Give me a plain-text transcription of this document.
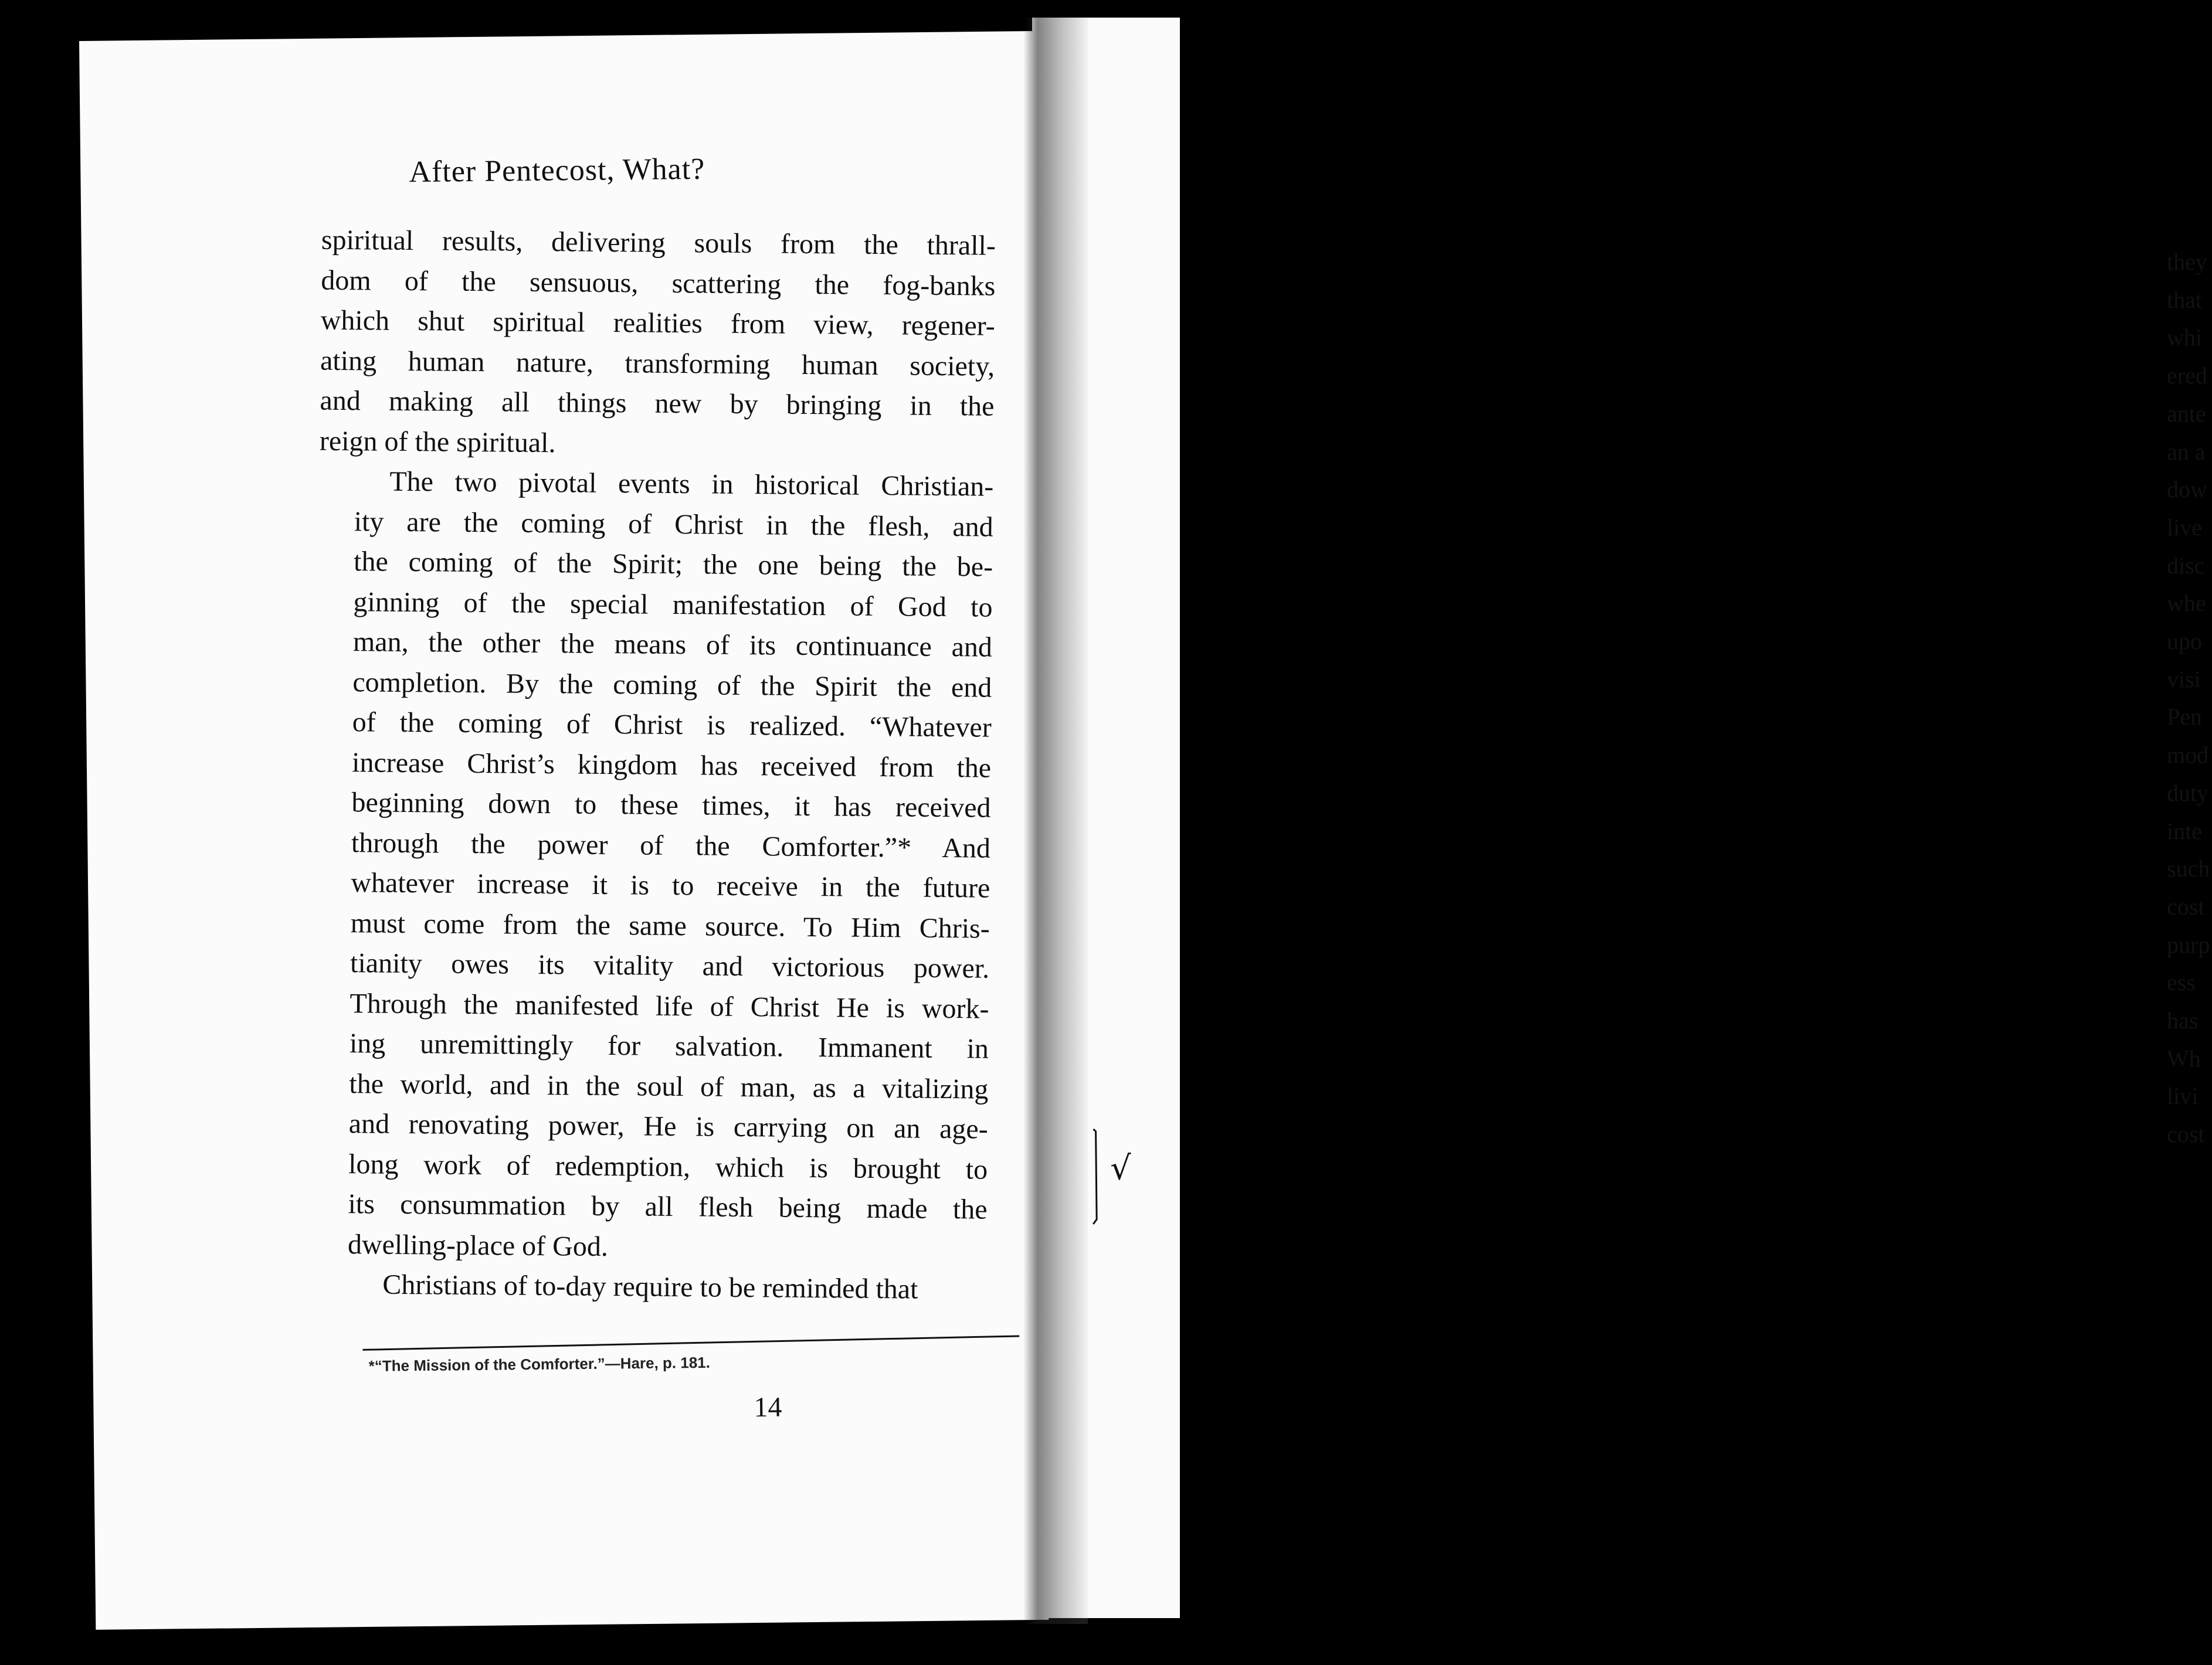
they
that
whi
ered
ante
an a
dow
live
disc
whe
upo
visi
Pen
mod
duty
inte
such
cost
purp
ess
has
Wh
livi
cost
After Pentecost, What?
spiritual results, delivering souls from the thrall-
dom of the sensuous, scattering the fog-banks
which shut spiritual realities from view, regener-
ating human nature, transforming human society,
and making all things new by bringing in the
reign of the spiritual.
The two pivotal events in historical Christian-
ity are the coming of Christ in the flesh, and
the coming of the Spirit; the one being the be-
ginning of the special manifestation of God to
man, the other the means of its continuance and
completion. By the coming of the Spirit the end
of the coming of Christ is realized. “Whatever
increase Christ’s kingdom has received from the
beginning down to these times, it has received
through the power of the Comforter.”* And
whatever increase it is to receive in the future
must come from the same source. To Him Chris-
tianity owes its vitality and victorious power.
Through the manifested life of Christ He is work-
ing unremittingly for salvation. Immanent in
the world, and in the soul of man, as a vitalizing
and renovating power, He is carrying on an age-
long work of redemption, which is brought to
its consummation by all flesh being made the
dwelling-place of God.
Christians of to-day require to be reminded that
*“The Mission of the Comforter.”—Hare, p. 181.
14
√
